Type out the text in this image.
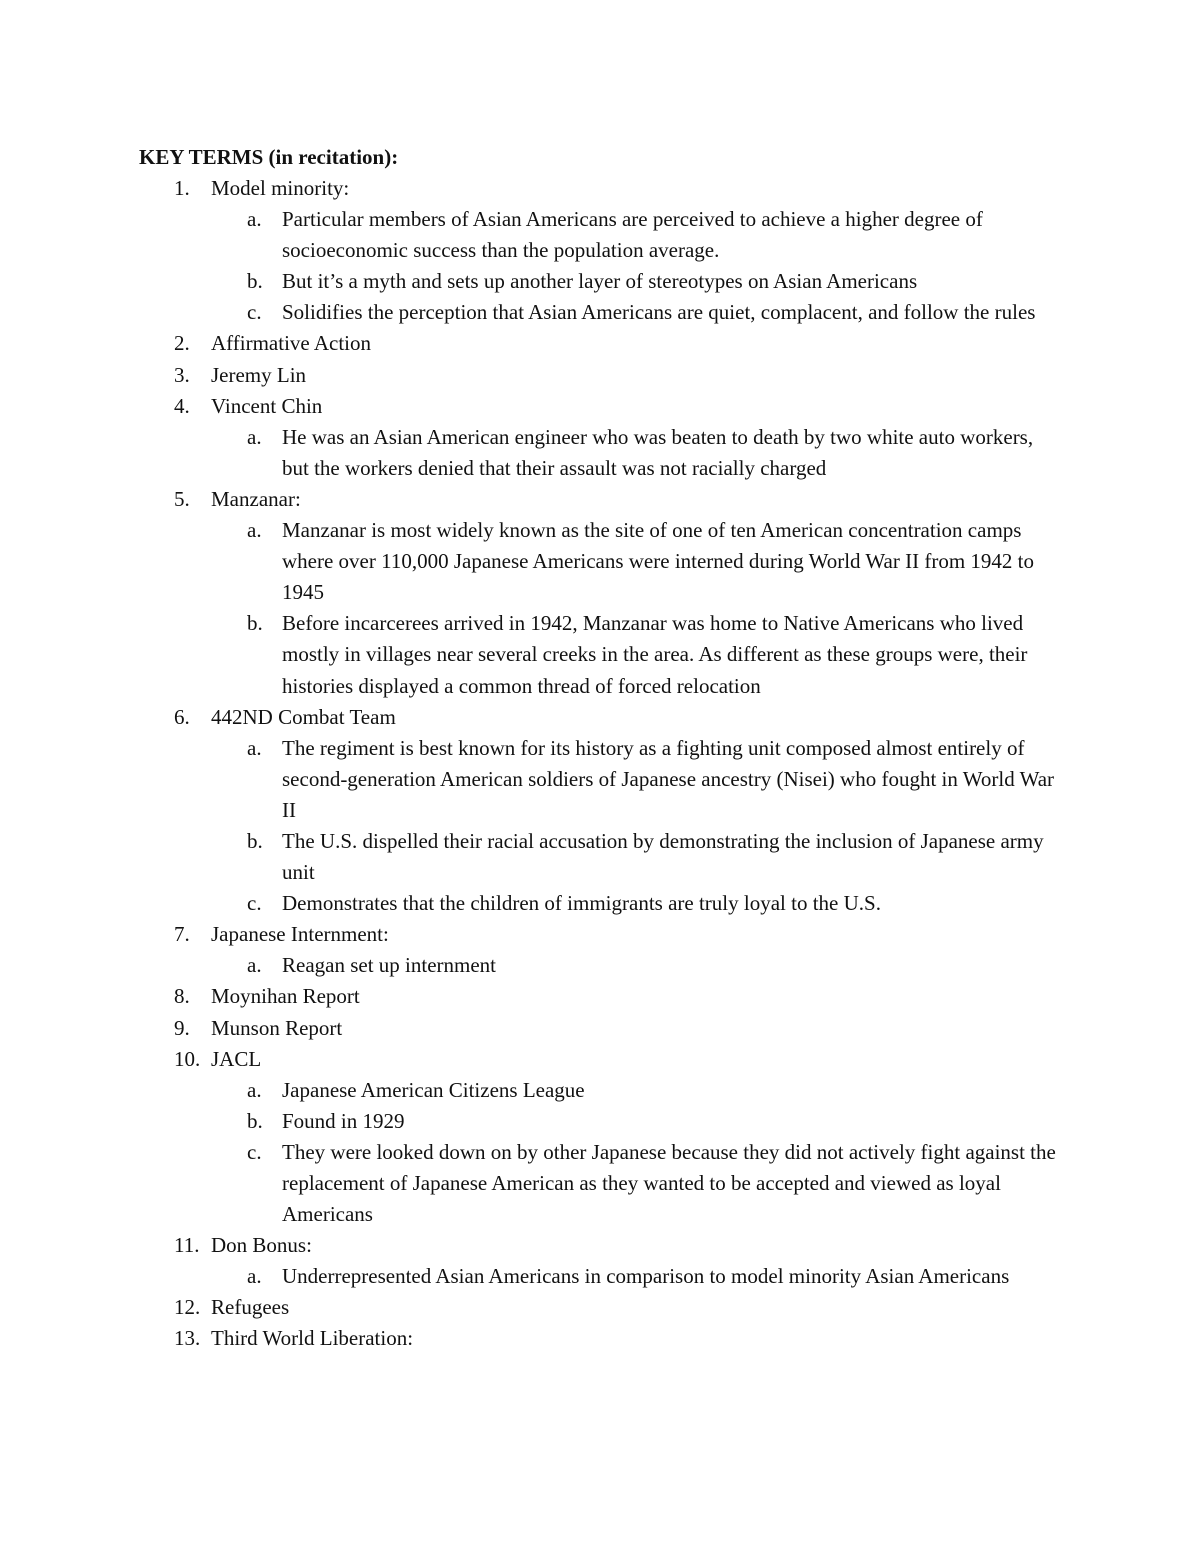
KEY TERMS (in recitation):
1. Model minority:
a. Particular members of Asian Americans are perceived to achieve a higher degree of socioeconomic success than the population average.
b. But it’s a myth and sets up another layer of stereotypes on Asian Americans
c. Solidifies the perception that Asian Americans are quiet, complacent, and follow the rules
2. Affirmative Action
3. Jeremy Lin
4. Vincent Chin
a. He was an Asian American engineer who was beaten to death by two white auto workers, but the workers denied that their assault was not racially charged
5. Manzanar:
a. Manzanar is most widely known as the site of one of ten American concentration camps where over 110,000 Japanese Americans were interned during World War II from 1942 to 1945
b. Before incarcerees arrived in 1942, Manzanar was home to Native Americans who lived mostly in villages near several creeks in the area. As different as these groups were, their histories displayed a common thread of forced relocation
6. 442ND Combat Team
a. The regiment is best known for its history as a fighting unit composed almost entirely of second-generation American soldiers of Japanese ancestry (Nisei) who fought in World War II
b. The U.S. dispelled their racial accusation by demonstrating the inclusion of Japanese army unit
c. Demonstrates that the children of immigrants are truly loyal to the U.S.
7. Japanese Internment:
a. Reagan set up internment
8. Moynihan Report
9. Munson Report
10. JACL
a. Japanese American Citizens League
b. Found in 1929
c. They were looked down on by other Japanese because they did not actively fight against the replacement of Japanese American as they wanted to be accepted and viewed as loyal Americans
11. Don Bonus:
a. Underrepresented Asian Americans in comparison to model minority Asian Americans
12. Refugees
13. Third World Liberation:
